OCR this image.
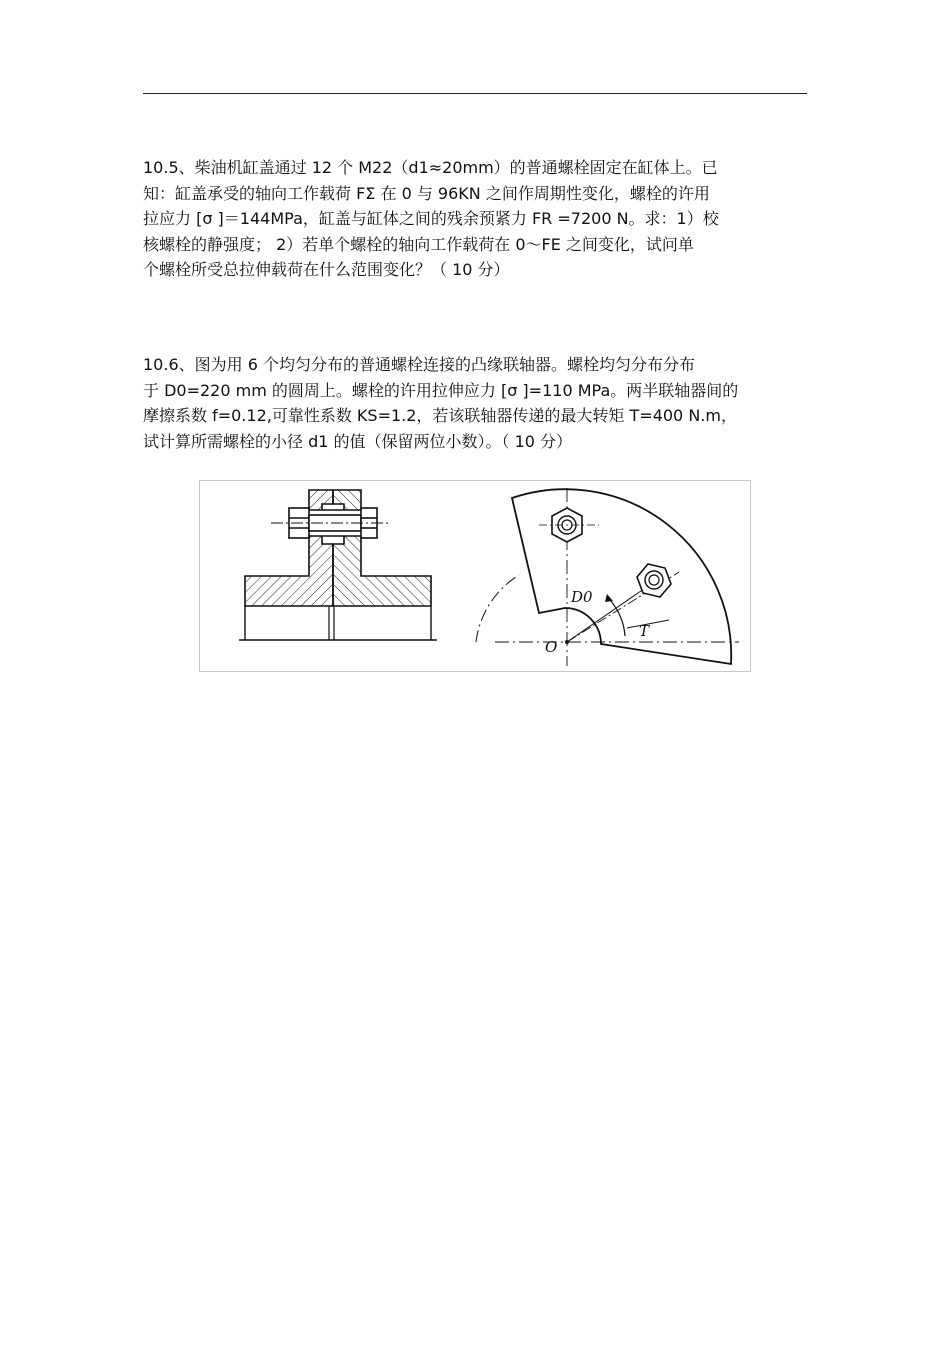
10.5、柴油机缸盖通过 12 个 M22（d1≈20mm）的普通螺栓固定在缸体上。已
知：缸盖承受的轴向工作载荷 FΣ 在 0 与 96KN 之间作周期性变化，螺栓的许用
拉应力 [σ ]＝144MPa，缸盖与缸体之间的残余预紧力 FR =7200 N。求：1）校
核螺栓的静强度； 2）若单个螺栓的轴向工作载荷在 0～FE 之间变化，试问单
个螺栓所受总拉伸载荷在什么范围变化？（ 10 分）
10.6、图为用 6 个均匀分布的普通螺栓连接的凸缘联轴器。螺栓均匀分布分布
于 D0=220 mm 的圆周上。螺栓的许用拉伸应力 [σ ]=110 MPa。两半联轴器间的
摩擦系数 f=0.12,可靠性系数 KS=1.2，若该联轴器传递的最大转矩 T=400 N.m，
试计算所需螺栓的小径 d1 的值（保留两位小数）。（ 10 分）
D0
O
T
